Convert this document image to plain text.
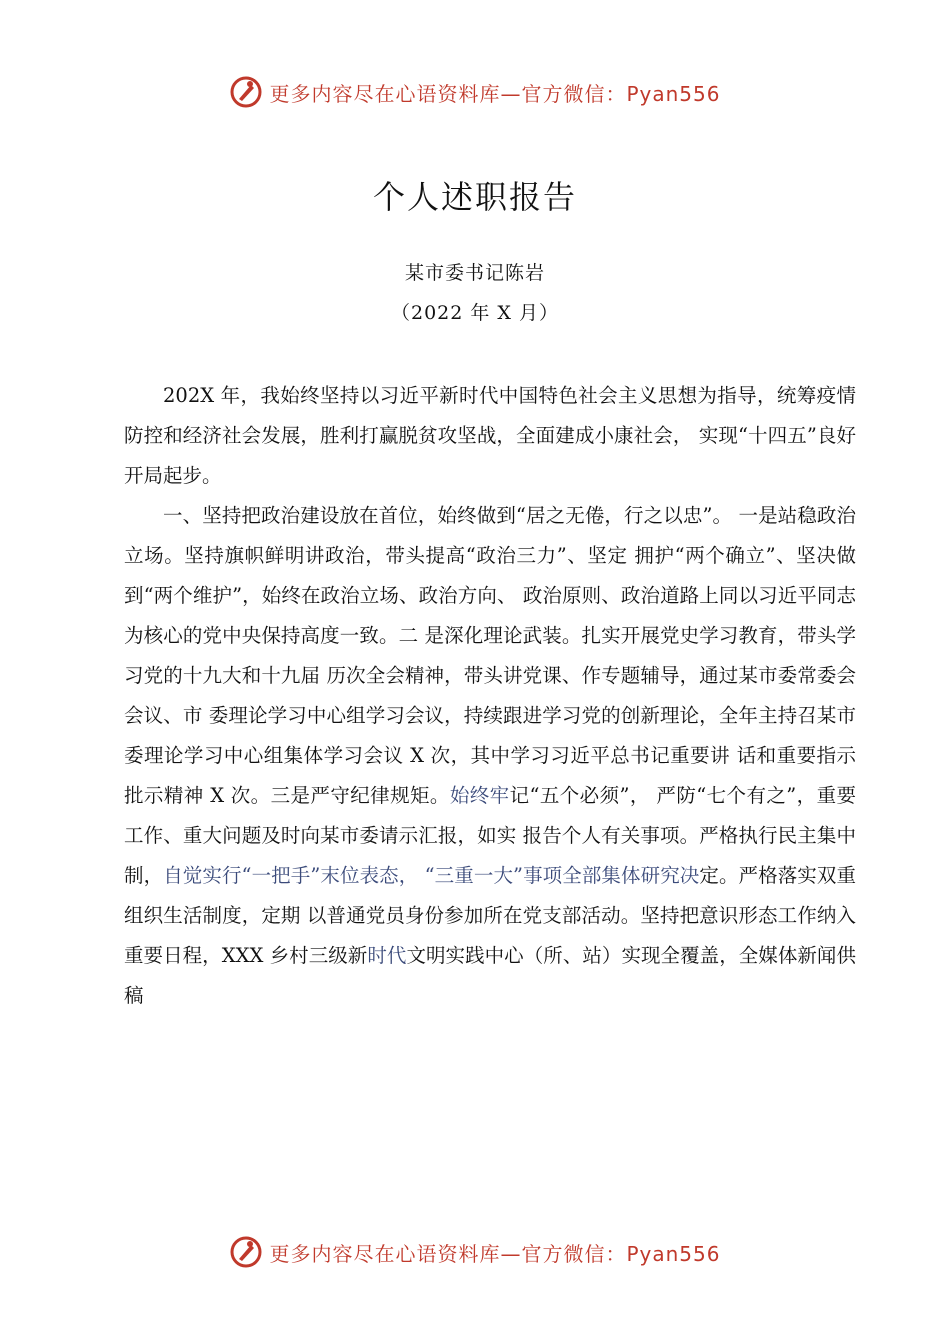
更多内容尽在心语资料库—官方微信：Pyan556
个人述职报告
某市委书记陈岩
（2022 年 X 月）

202X 年，我始终坚持以习近平新时代中国特色社会主义思想为指导，统筹疫情防控和经济社会发展，胜利打赢脱贫攻坚战，全面建成小康社会， 实现“十四五”良好开局起步。

一、坚持把政治建设放在首位，始终做到“居之无倦，行之以忠”。 一是站稳政治立场。坚持旗帜鲜明讲政治，带头提高“政治三力”、坚定 拥护“两个确立”、坚决做到“两个维护”，始终在政治立场、政治方向、 政治原则、政治道路上同以习近平同志为核心的党中央保持高度一致。二 是深化理论武装。扎实开展党史学习教育，带头学习党的十九大和十九届 历次全会精神，带头讲党课、作专题辅导，通过某市委常委会会议、市 委理论学习中心组学习会议，持续跟进学习党的创新理论，全年主持召某市委理论学习中心组集体学习会议 X 次，其中学习习近平总书记重要讲 话和重要指示批示精神 X 次。三是严守纪律规矩。始终牢记“五个必须”， 严防“七个有之”，重要工作、重大问题及时向某市委请示汇报，如实 报告个人有关事项。严格执行民主集中制，自觉实行“一把手”末位表态， “三重一大”事项全部集体研究决定。严格落实双重组织生活制度，定期 以普通党员身份参加所在党支部活动。坚持把意识形态工作纳入重要日程，XXX 乡村三级新时代文明实践中心（所、站）实现全覆盖，全媒体新闻供稿

更多内容尽在心语资料库—官方微信：Pyan556
